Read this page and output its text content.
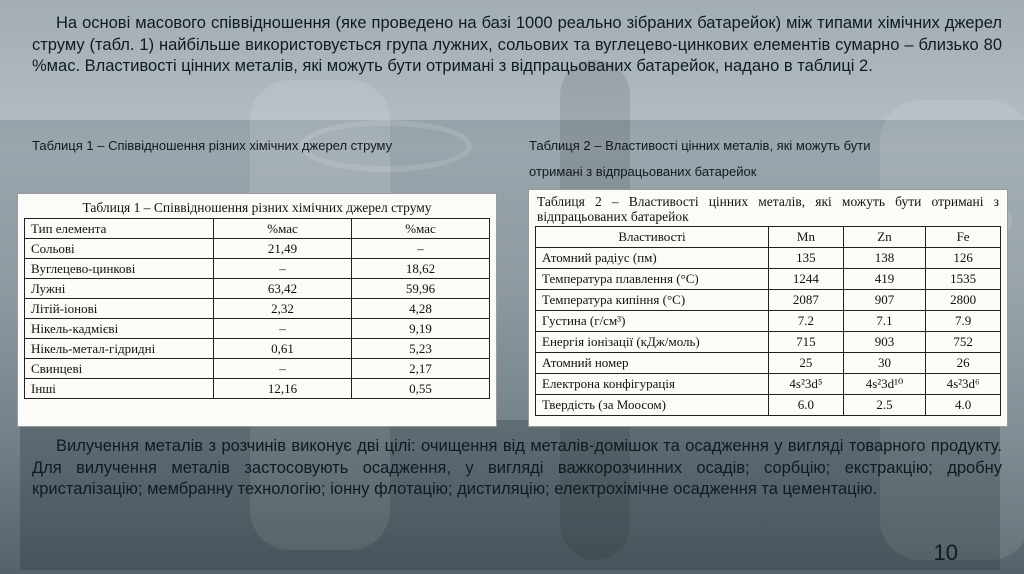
На основі масового співвідношення (яке проведено на базі 1000 реально зібраних батарейок) між типами хімічних джерел струму (табл. 1) найбільше використовується група лужних, сольових та вуглецево-цинкових елементів сумарно – близько 80 %мас. Властивості цінних металів, які можуть бути отримані з відпрацьованих батарейок, надано в таблиці 2.

Таблиця 1 – Співвідношення різних хімічних джерел струму	Таблиця 2 – Властивості цінних металів, які можуть бути

отримані з відпрацьованих батарейок

Таблиця 1 – Співвідношення різних хімічних джерел струму
Тип елемента	%мас	%мас
Сольові	21,49	–
Вуглецево-цинкові	–	18,62
Лужні	63,42	59,96
Літій-іонові	2,32	4,28
Нікель-кадмієві	–	9,19
Нікель-метал-гідридні	0,61	5,23
Свинцеві	–	2,17
Інші	12,16	0,55
Таблиця 2 – Властивості цінних металів, які можуть бути отримані з відпрацьованих батарейок
Властивості	Mn	Zn	Fe
Атомний радіус (пм)	135	138	126
Температура плавлення (°С)	1244	419	1535
Температура кипіння (°С)	2087	907	2800
Густина (г/см³)	7.2	7.1	7.9
Енергія іонізації (кДж/моль)	715	903	752
Атомний номер	25	30	26
Електрона конфігурація	4s²3d⁵	4s²3d¹⁰	4s²3d⁶
Твердість (за Моосом)	6.0	2.5	4.0

Вилучення металів з розчинів виконує дві цілі: очищення від металів-домішок та осадження у вигляді товарного продукту. Для вилучення металів застосовують осадження, у вигляді важкорозчинних осадів; сорбцію; екстракцію; дробну кристалізацію; мембранну технологію; іонну флотацію; дистиляцію; електрохімічне осадження та цементацію.

10
